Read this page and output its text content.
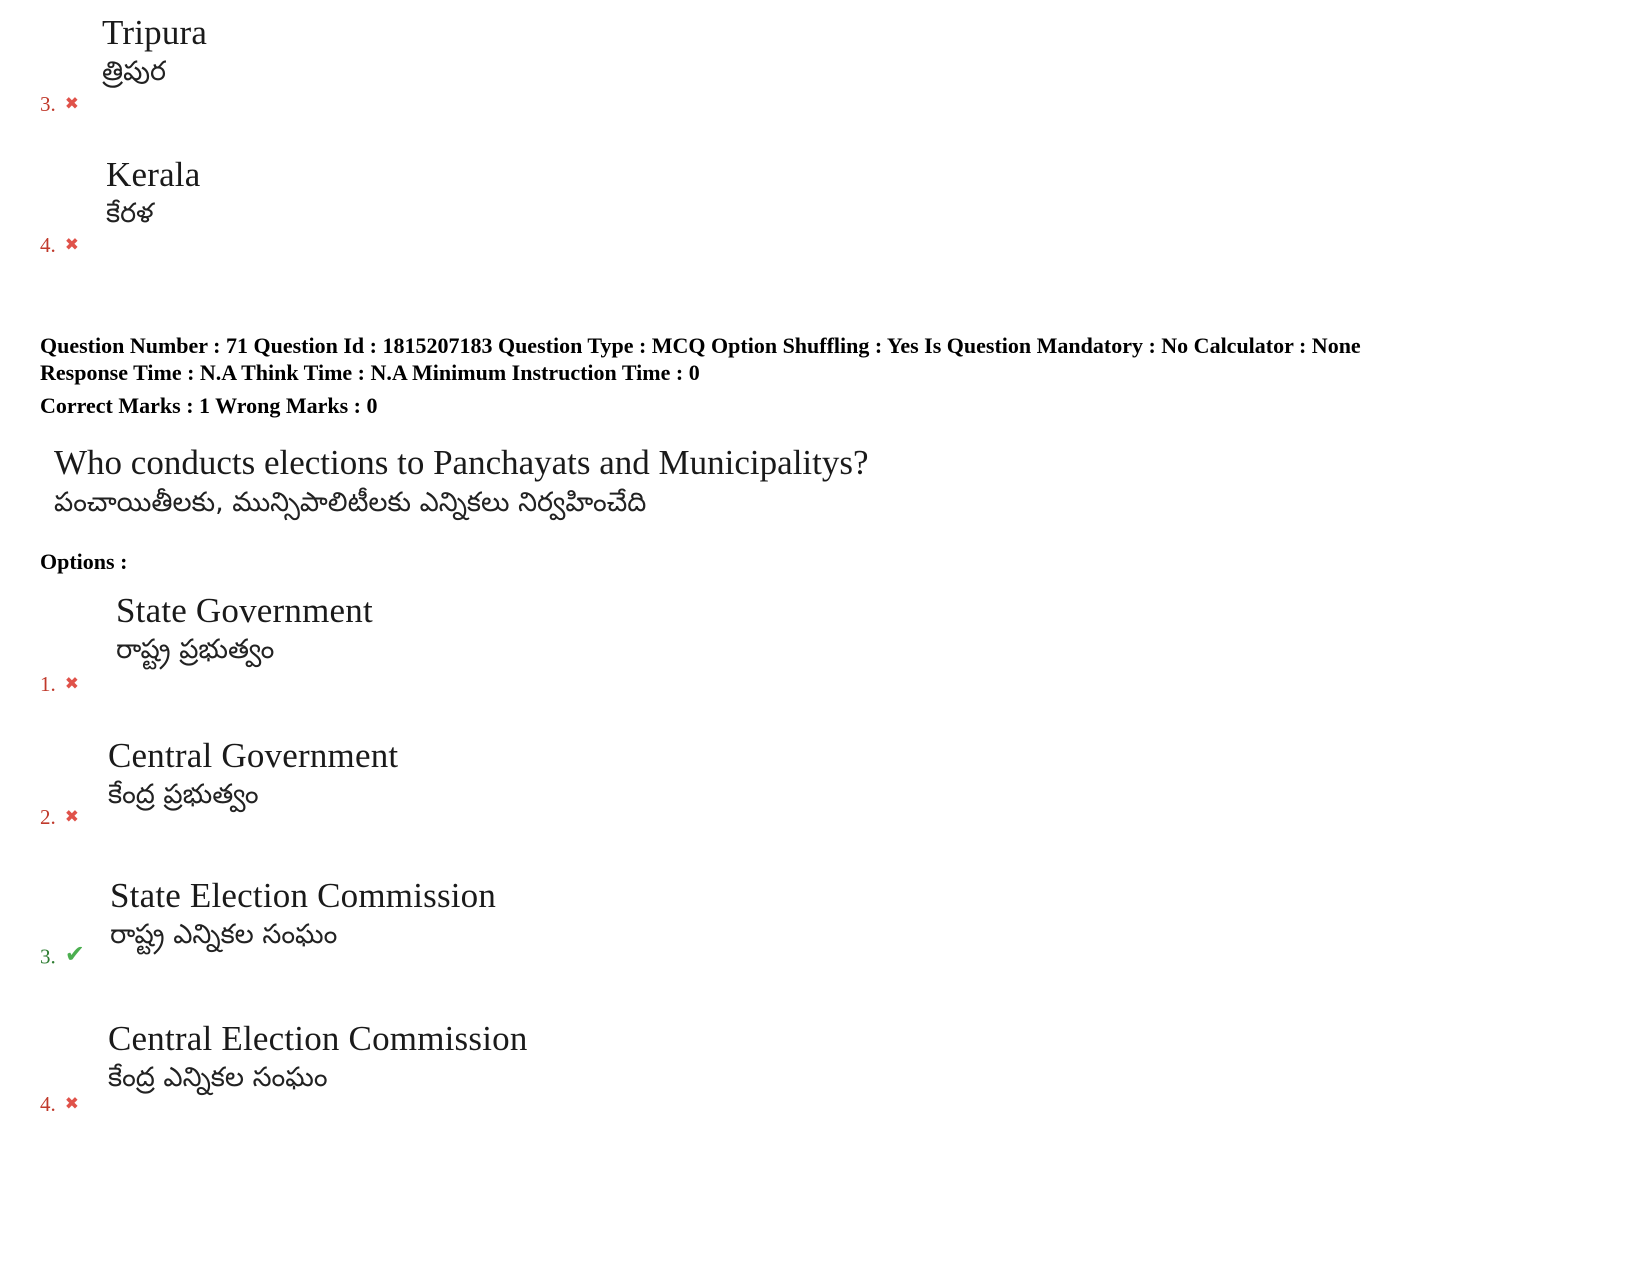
Tripura
త్రిపుర
3. ✖
Kerala
కేరళ
4. ✖
Question Number : 71 Question Id : 1815207183 Question Type : MCQ Option Shuffling : Yes Is Question Mandatory : No Calculator : None
Response Time : N.A Think Time : N.A Minimum Instruction Time : 0
Correct Marks : 1 Wrong Marks : 0
Who conducts elections to Panchayats and Municipalitys?
పంచాయితీలకు, మున్సిపాలిటీలకు ఎన్నికలు నిర్వహించేది
Options :
State Government
రాష్ట్ర ప్రభుత్వం
1. ✖
Central Government
కేంద్ర ప్రభుత్వం
2. ✖
State Election Commission
రాష్ట్ర ఎన్నికల సంఘం
3. ✔
Central Election Commission
కేంద్ర ఎన్నికల సంఘం
4. ✖
